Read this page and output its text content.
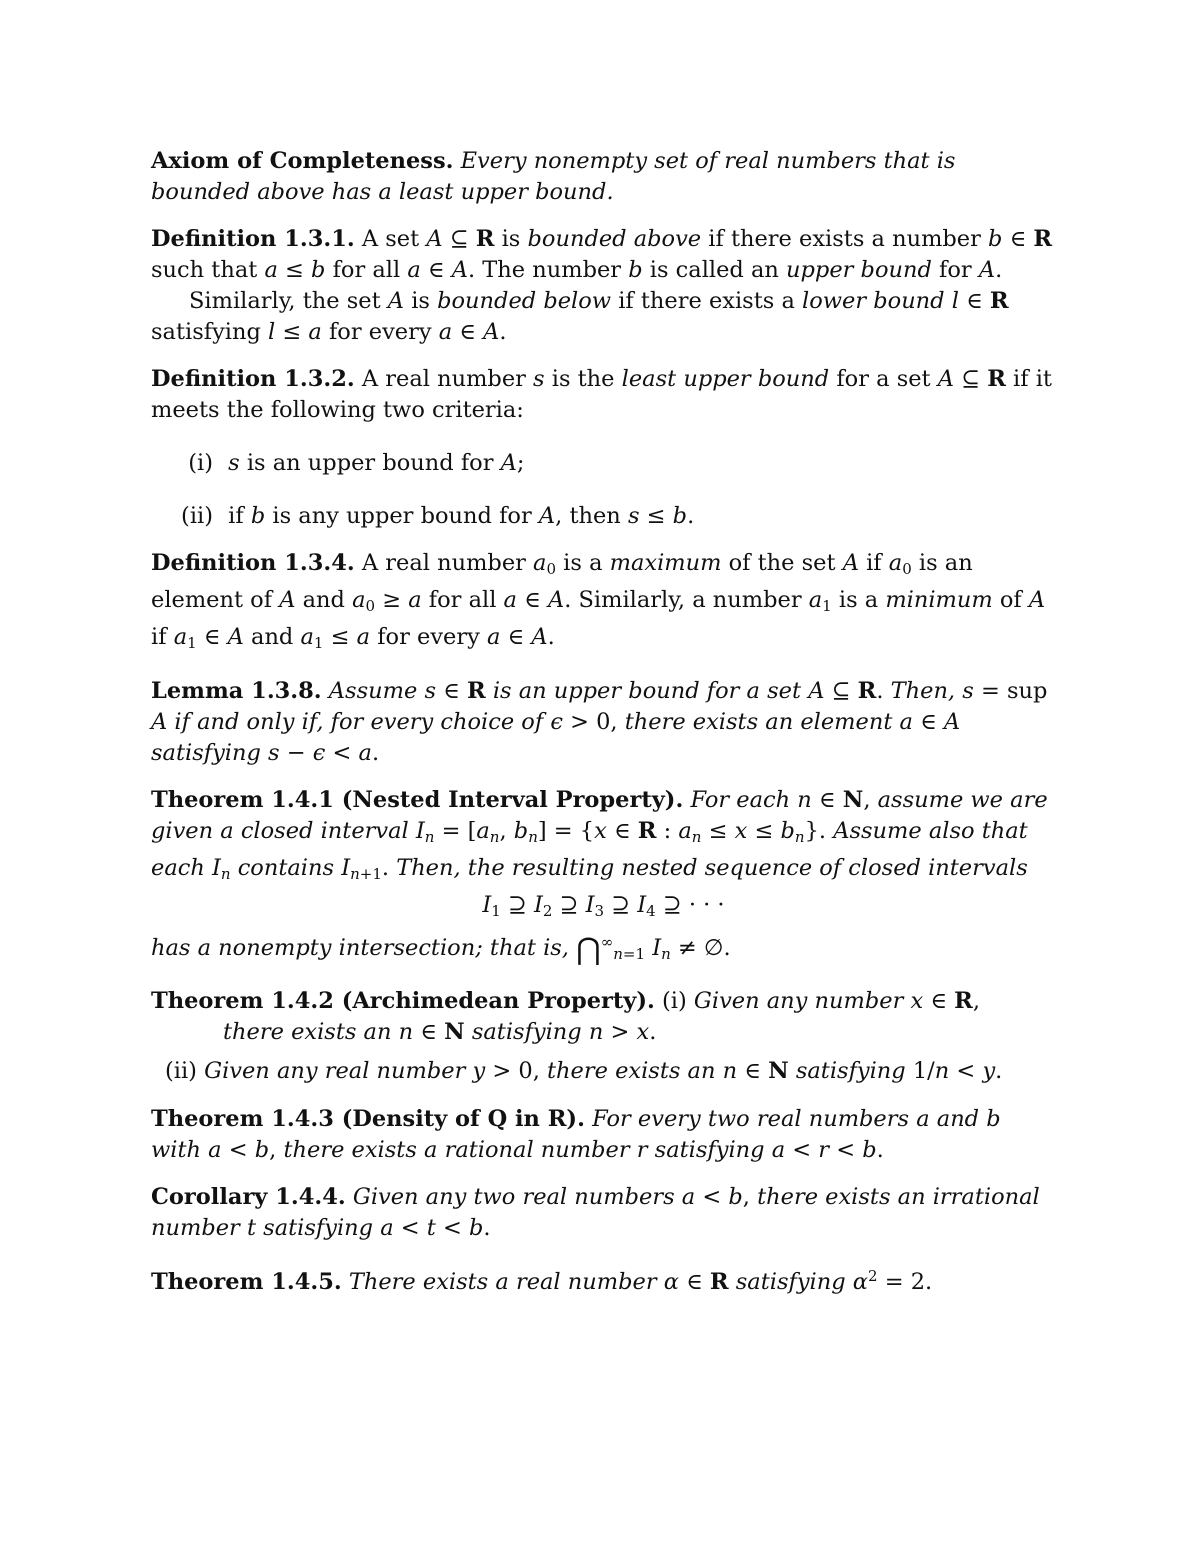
Axiom of Completeness. Every nonempty set of real numbers that is bounded above has a least upper bound.

Definition 1.3.1. A set A ⊆ R is bounded above if there exists a number b ∈ R such that a ≤ b for all a ∈ A. The number b is called an upper bound for A.

Similarly, the set A is bounded below if there exists a lower bound l ∈ R satisfying l ≤ a for every a ∈ A.

Definition 1.3.2. A real number s is the least upper bound for a set A ⊆ R if it meets the following two criteria:

(i) s is an upper bound for A;

(ii) if b is any upper bound for A, then s ≤ b.

Definition 1.3.4. A real number $a_0$ is a maximum of the set A if $a_0$ is an element of A and $a_0 \ge a$ for all a ∈ A. Similarly, a number $a_1$ is a minimum of A if $a_1$ ∈ A and $a_1 \le a$ for every a ∈ A.

Lemma 1.3.8. Assume s ∈ R is an upper bound for a set A ⊆ R. Then, s = sup A if and only if, for every choice of ϵ > 0, there exists an element a ∈ A satisfying s − ϵ < a.

Theorem 1.4.1 (Nested Interval Property). For each n ∈ N, assume we are given a closed interval In = [an, bn] = {x ∈ R : an ≤ x ≤ bn}. Assume also that each In contains $In_{+1}$. Then, the resulting nested sequence of closed intervals

$I_1$ ⊇ $I_2$ ⊇ $I_3$ ⊇ $I_4$ ⊇ · · ·

has a nonempty intersection; that is, $⋂^\infty n_{=1}$ In ≠ ∅.

Theorem 1.4.2 (Archimedean Property). (i) Given any number x ∈ R,

there exists an n ∈ N satisfying n > x.

(ii) Given any real number y > 0, there exists an n ∈ N satisfying 1/n < y.

Theorem 1.4.3 (Density of Q in R). For every two real numbers a and b with a < b, there exists a rational number r satisfying a < r < b.

Corollary 1.4.4. Given any two real numbers a < b, there exists an irrational number t satisfying a < t < b.

Theorem 1.4.5. There exists a real number α ∈ R satisfying $\alpha^2 = 2$.
